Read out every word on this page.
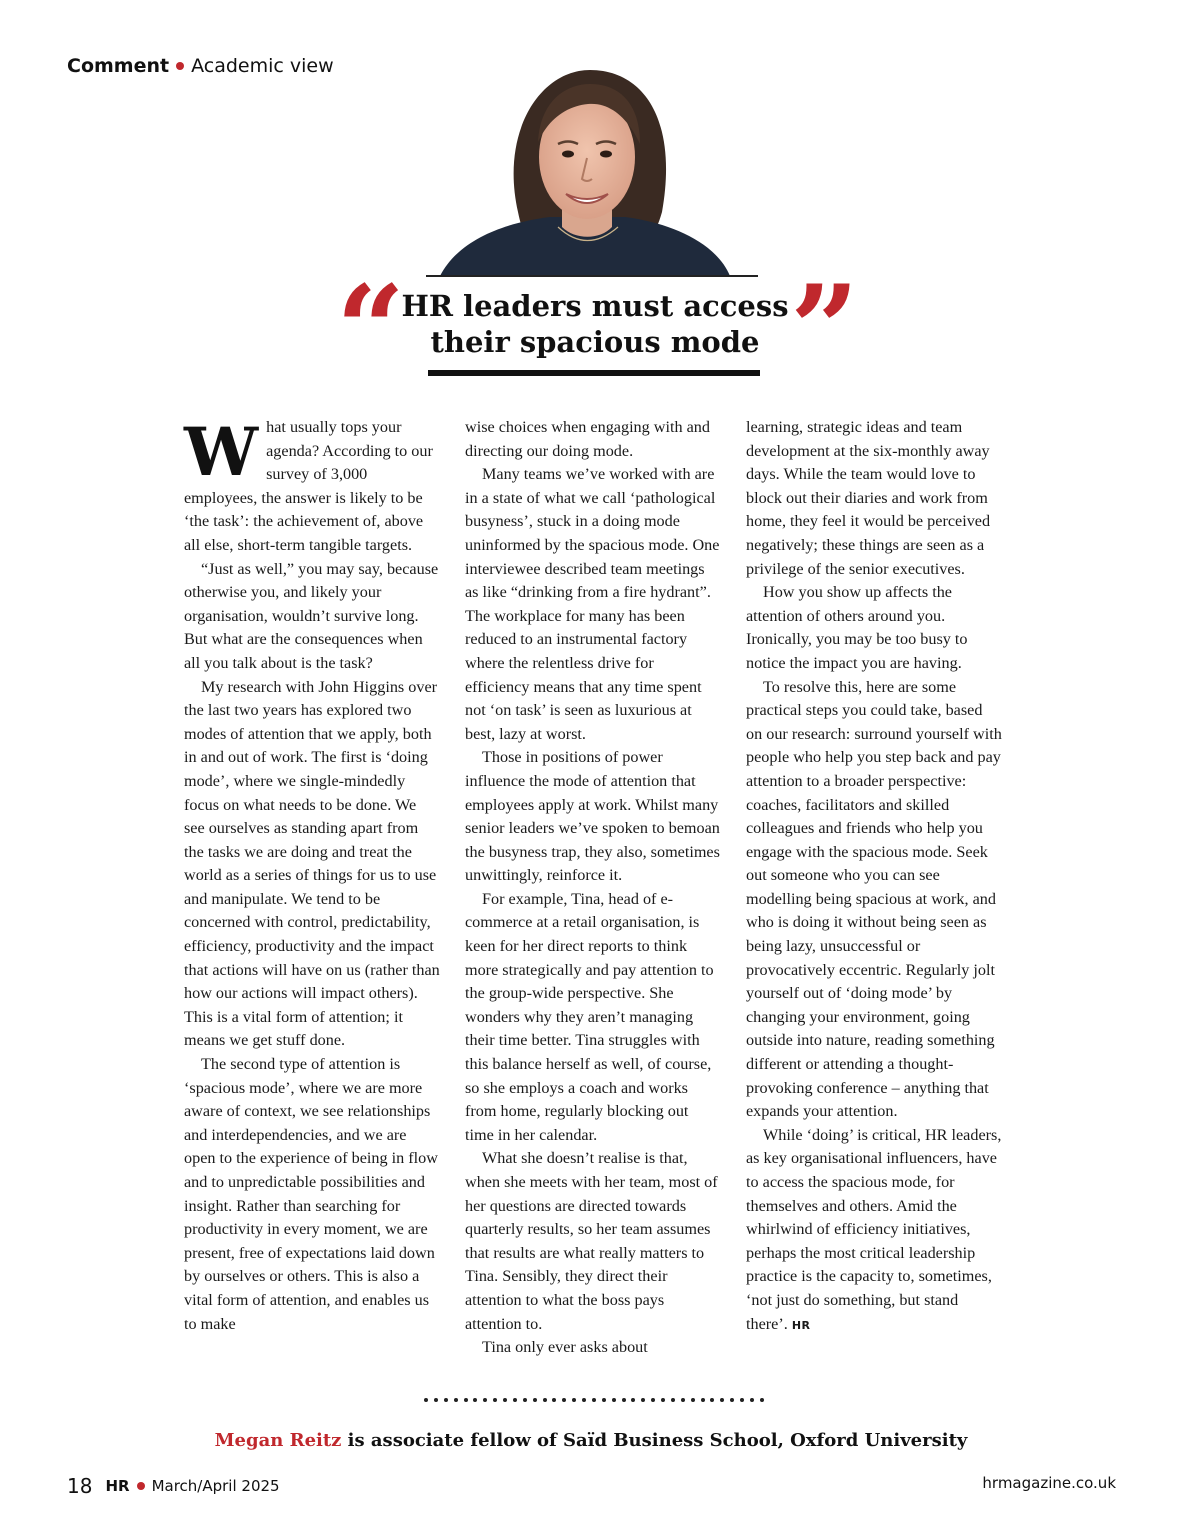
Comment Academic view
“
HR leaders must access
their spacious mode ”

What usually tops your agenda? According to our survey of 3,000 employees, the answer is likely to be ‘the task’: the achievement of, above all else, short-term tangible targets.

“Just as well,” you may say, because otherwise you, and likely your organisation, wouldn’t survive long. But what are the consequences when all you talk about is the task?

My research with John Higgins over the last two years has explored two modes of attention that we apply, both in and out of work. The first is ‘doing mode’, where we single-mindedly focus on what needs to be done. We see ourselves as standing apart from the tasks we are doing and treat the world as a series of things for us to use and manipulate. We tend to be concerned with control, predictability, efficiency, productivity and the impact that actions will have on us (rather than how our actions will impact others). This is a vital form of attention; it means we get stuff done.

The second type of attention is ‘spacious mode’, where we are more aware of context, we see relationships and interdependencies, and we are open to the experience of being in flow and to unpredictable possibilities and insight. Rather than searching for productivity in every moment, we are present, free of expectations laid down by ourselves or others. This is also a vital form of attention, and enables us to make

wise choices when engaging with and directing our doing mode.

Many teams we’ve worked with are in a state of what we call ‘pathological busyness’, stuck in a doing mode uninformed by the spacious mode. One interviewee described team meetings as like “drinking from a fire hydrant”. The workplace for many has been reduced to an instrumental factory where the relentless drive for efficiency means that any time spent not ‘on task’ is seen as luxurious at best, lazy at worst.

Those in positions of power influence the mode of attention that employees apply at work. Whilst many senior leaders we’ve spoken to bemoan the busyness trap, they also, sometimes unwittingly, reinforce it.

For example, Tina, head of e-commerce at a retail organisation, is keen for her direct reports to think more strategically and pay attention to the group-wide perspective. She wonders why they aren’t managing their time better. Tina struggles with this balance herself as well, of course, so she employs a coach and works from home, regularly blocking out time in her calendar.

What she doesn’t realise is that, when she meets with her team, most of her questions are directed towards quarterly results, so her team assumes that results are what really matters to Tina. Sensibly, they direct their attention to what the boss pays attention to.

Tina only ever asks about

learning, strategic ideas and team development at the six-monthly away days. While the team would love to block out their diaries and work from home, they feel it would be perceived negatively; these things are seen as a privilege of the senior executives.

How you show up affects the attention of others around you. Ironically, you may be too busy to notice the impact you are having.

To resolve this, here are some practical steps you could take, based on our research: surround yourself with people who help you step back and pay attention to a broader perspective: coaches, facilitators and skilled colleagues and friends who help you engage with the spacious mode. Seek out someone who you can see modelling being spacious at work, and who is doing it without being seen as being lazy, unsuccessful or provocatively eccentric. Regularly jolt yourself out of ‘doing mode’ by changing your environment, going outside into nature, reading something different or attending a thought-provoking conference – anything that expands your attention.

While ‘doing’ is critical, HR leaders, as key organisational influencers, have to access the spacious mode, for themselves and others. Amid the whirlwind of efficiency initiatives, perhaps the most critical leadership practice is the capacity to, sometimes, ‘not just do something, but stand there’. HR

Megan Reitz is associate fellow of Saïd Business School, Oxford University
18 HR March/April 2025	hrmagazine.co.uk
